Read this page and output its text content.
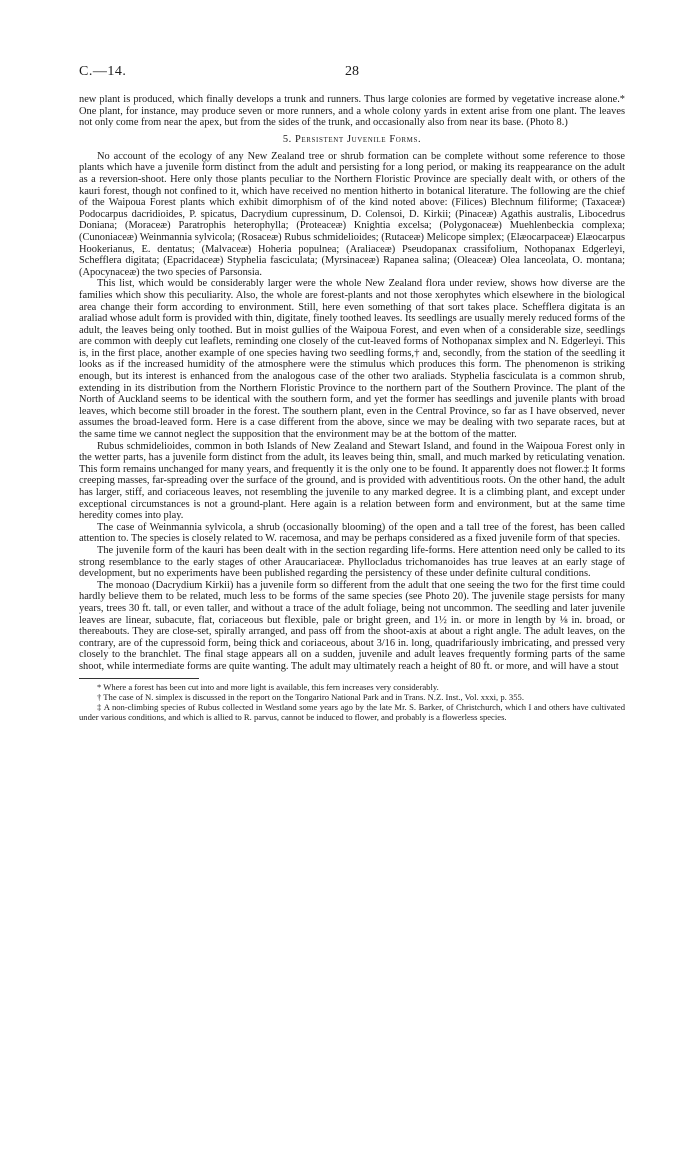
C.—14.	28

new plant is produced, which finally develops a trunk and runners. Thus large colonies are formed by vegetative increase alone.* One plant, for instance, may produce seven or more runners, and a whole colony yards in extent arise from one plant. The leaves not only come from near the apex, but from the sides of the trunk, and occasionally also from near its base. (Photo 8.)

5. Persistent Juvenile Forms.

No account of the ecology of any New Zealand tree or shrub formation can be complete without some reference to those plants which have a juvenile form distinct from the adult and persisting for a long period, or making its reappearance on the adult as a reversion-shoot. Here only those plants peculiar to the Northern Floristic Province are specially dealt with, or others of the kauri forest, though not confined to it, which have received no mention hitherto in botanical literature. The following are the chief of the Waipoua Forest plants which exhibit dimorphism of of the kind noted above: (Filices) Blechnum filiforme; (Taxaceæ) Podocarpus dacridioides, P. spicatus, Dacrydium cupressinum, D. Colensoi, D. Kirkii; (Pinaceæ) Agathis australis, Libocedrus Doniana; (Moraceæ) Paratrophis heterophylla; (Proteaceæ) Knightia excelsa; (Polygonaceæ) Muehlenbeckia complexa; (Cunoniaceæ) Weinmannia sylvicola; (Rosaceæ) Rubus schmidelioides; (Rutaceæ) Melicope simplex; (Elæocarpaceæ) Elæocarpus Hookerianus, E. dentatus; (Malvaceæ) Hoheria populnea; (Araliaceæ) Pseudopanax crassifolium, Nothopanax Edgerleyi, Schefflera digitata; (Epacridaceæ) Styphelia fasciculata; (Myrsinaceæ) Rapanea salina; (Oleaceæ) Olea lanceolata, O. montana; (Apocynaceæ) the two species of Parsonsia.

This list, which would be considerably larger were the whole New Zealand flora under review, shows how diverse are the families which show this peculiarity. Also, the whole are forest-plants and not those xerophytes which elsewhere in the biological area change their form according to environment. Still, here even something of that sort takes place. Schefflera digitata is an araliad whose adult form is provided with thin, digitate, finely toothed leaves. Its seedlings are usually merely reduced forms of the adult, the leaves being only toothed. But in moist gullies of the Waipoua Forest, and even when of a considerable size, seedlings are common with deeply cut leaflets, reminding one closely of the cut-leaved forms of Nothopanax simplex and N. Edgerleyi. This is, in the first place, another example of one species having two seedling forms,† and, secondly, from the station of the seedling it looks as if the increased humidity of the atmosphere were the stimulus which produces this form. The phenomenon is striking enough, but its interest is enhanced from the analogous case of the other two araliads. Styphelia fasciculata is a common shrub, extending in its distribution from the Northern Floristic Province to the northern part of the Southern Province. The plant of the North of Auckland seems to be identical with the southern form, and yet the former has seedlings and juvenile plants with broad leaves, which become still broader in the forest. The southern plant, even in the Central Province, so far as I have observed, never assumes the broad-leaved form. Here is a case different from the above, since we may be dealing with two separate races, but at the same time we cannot neglect the supposition that the environment may be at the bottom of the matter.

Rubus schmidelioides, common in both Islands of New Zealand and Stewart Island, and found in the Waipoua Forest only in the wetter parts, has a juvenile form distinct from the adult, its leaves being thin, small, and much marked by reticulating venation. This form remains unchanged for many years, and frequently it is the only one to be found. It apparently does not flower.‡ It forms creeping masses, far-spreading over the surface of the ground, and is provided with adventitious roots. On the other hand, the adult has larger, stiff, and coriaceous leaves, not resembling the juvenile to any marked degree. It is a climbing plant, and except under exceptional circumstances is not a ground-plant. Here again is a relation between form and environment, but at the same time heredity comes into play.

The case of Weinmannia sylvicola, a shrub (occasionally blooming) of the open and a tall tree of the forest, has been called attention to. The species is closely related to W. racemosa, and may be perhaps considered as a fixed juvenile form of that species.

The juvenile form of the kauri has been dealt with in the section regarding life-forms. Here attention need only be called to its strong resemblance to the early stages of other Araucariaceæ. Phyllocladus trichomanoides has true leaves at an early stage of development, but no experiments have been published regarding the persistency of these under definite cultural conditions.

The monoao (Dacrydium Kirkii) has a juvenile form so different from the adult that one seeing the two for the first time could hardly believe them to be related, much less to be forms of the same species (see Photo 20). The juvenile stage persists for many years, trees 30 ft. tall, or even taller, and without a trace of the adult foliage, being not uncommon. The seedling and later juvenile leaves are linear, subacute, flat, coriaceous but flexible, pale or bright green, and 1½ in. or more in length by ⅛ in. broad, or thereabouts. They are close-set, spirally arranged, and pass off from the shoot-axis at about a right angle. The adult leaves, on the contrary, are of the cupressoid form, being thick and coriaceous, about 3/16 in. long, quadrifariously imbricating, and pressed very closely to the branchlet. The final stage appears all on a sudden, juvenile and adult leaves frequently forming parts of the same shoot, while intermediate forms are quite wanting. The adult may ultimately reach a height of 80 ft. or more, and will have a stout

* Where a forest has been cut into and more light is available, this fern increases very considerably.

† The case of N. simplex is discussed in the report on the Tongariro National Park and in Trans. N.Z. Inst., Vol. xxxi, p. 355.

‡ A non-climbing species of Rubus collected in Westland some years ago by the late Mr. S. Barker, of Christchurch, which I and others have cultivated under various conditions, and which is allied to R. parvus, cannot be induced to flower, and probably is a flowerless species.
